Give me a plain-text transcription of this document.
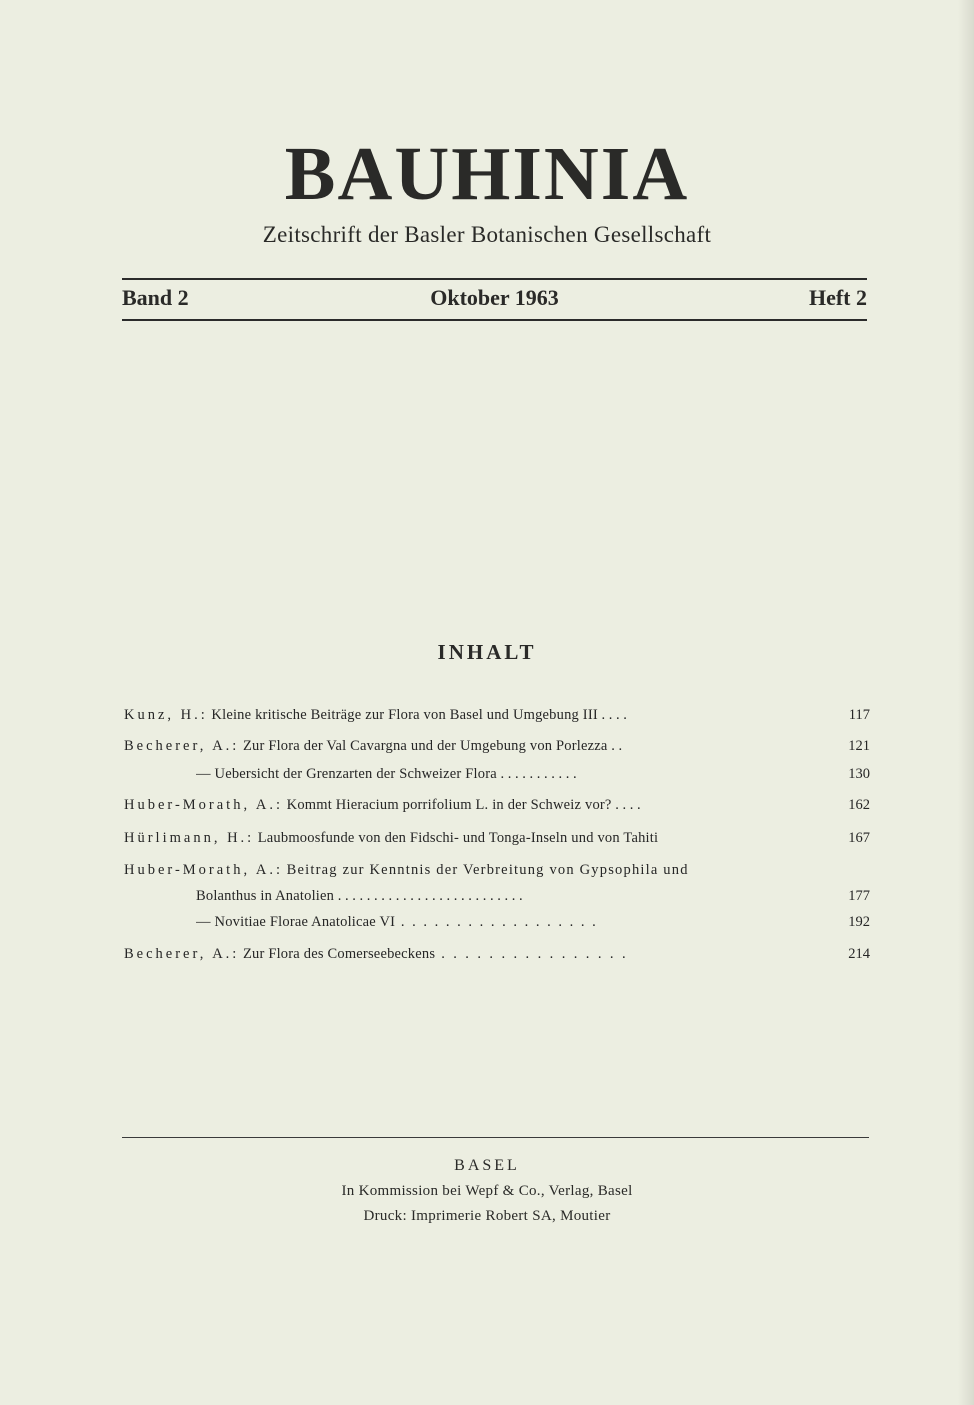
BAUHINIA
Zeitschrift der Basler Botanischen Gesellschaft
Band 2	Oktober 1963	Heft 2
INHALT
Kunz, H.: Kleine kritische Beiträge zur Flora von Basel und Umgebung III . . . .	117
Becherer, A.: Zur Flora der Val Cavargna und der Umgebung von Porlezza . .	121
— Uebersicht der Grenzarten der Schweizer Flora . . . . . . . . . . .	130
Huber-Morath, A.: Kommt Hieracium porrifolium L. in der Schweiz vor? . . . .	162
Hürlimann, H.: Laubmoosfunde von den Fidschi- und Tonga-Inseln und von Tahiti	167
Huber-Morath, A.: Beitrag zur Kenntnis der Verbreitung von Gypsophila und
Bolanthus in Anatolien . . . . . . . . . . . . . . . . . . . . . . . . . .	177
— Novitiae Florae Anatolicae VI . . . . . . . . . . . . . . . . . .	192
Becherer, A.: Zur Flora des Comerseebeckens . . . . . . . . . . . . . . . .	214
BASEL
In Kommission bei Wepf & Co., Verlag, Basel
Druck: Imprimerie Robert SA, Moutier
